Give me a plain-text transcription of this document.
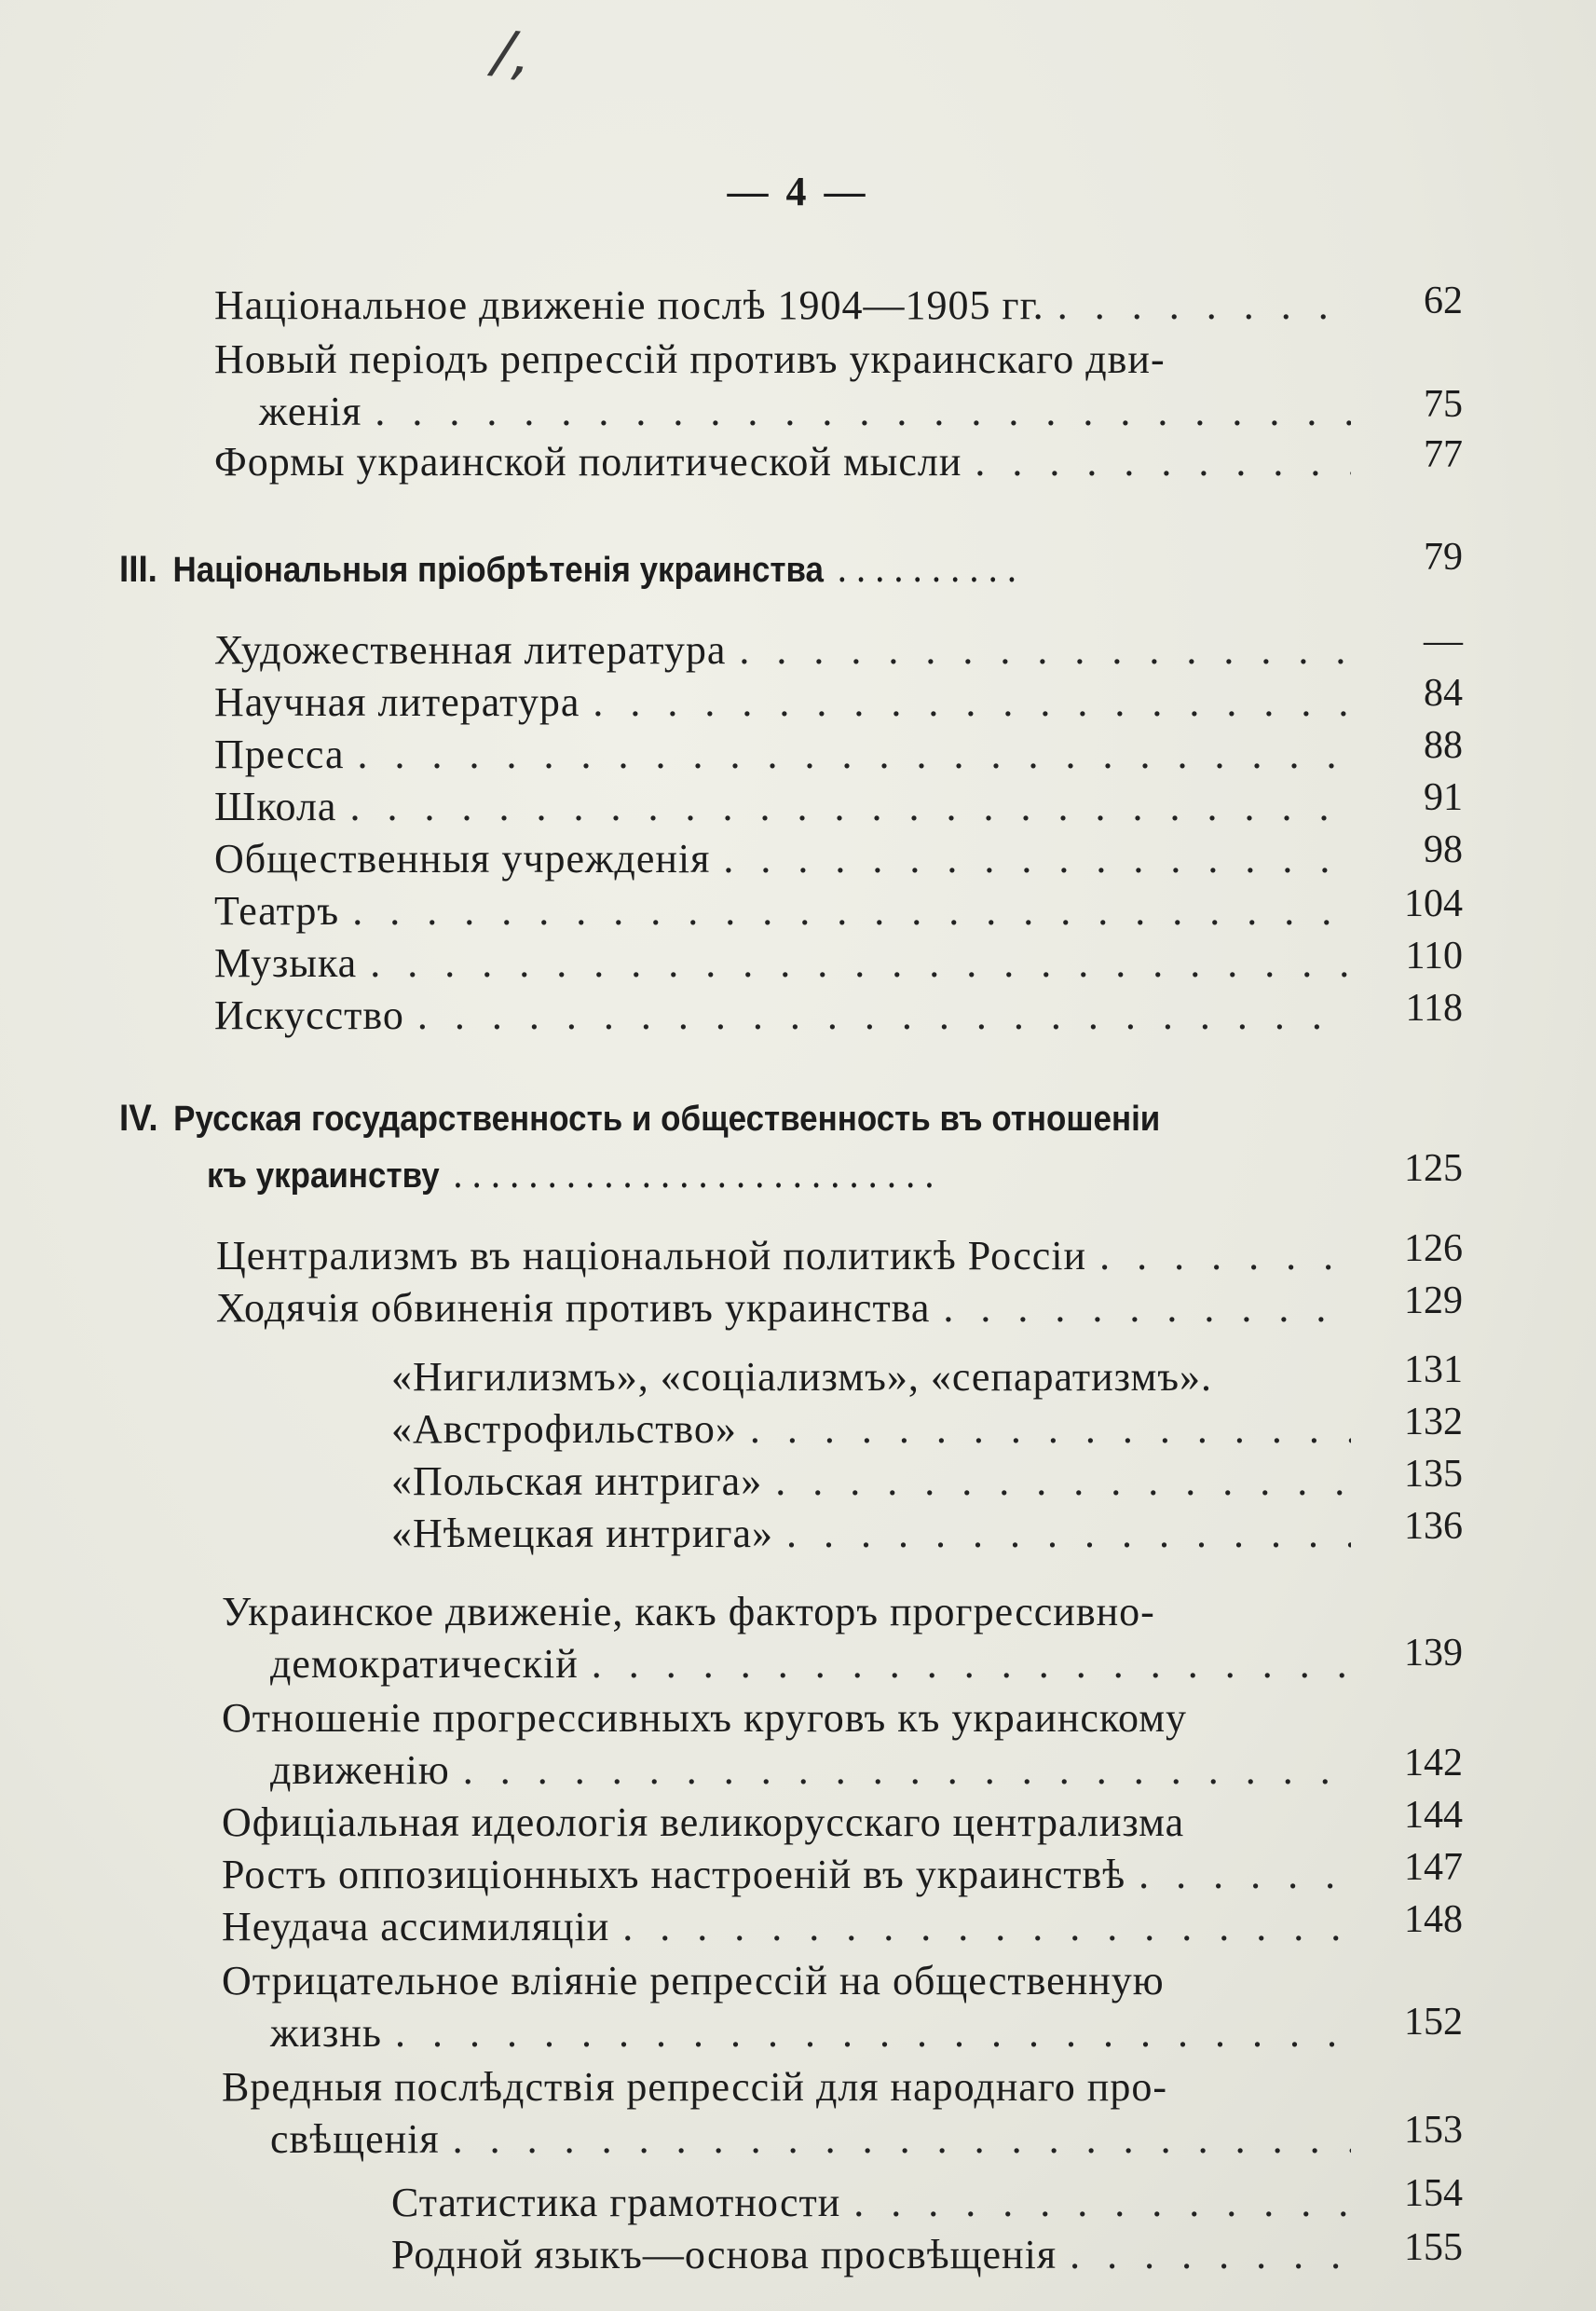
/,
— 4 —
Національное движеніе послѣ 1904—1905 гг. . . .	62
Новый періодъ репрессій противъ украинскаго дви-
женія . . .	75
Формы украинской политической мысли . . .	77
III. Національныя пріобрѣтенія украинства . . . . . . . . . .	79
Художественная литература . . .	—
Научная литература . . .	84
Пресса . . .	88
Школа . . .	91
Общественныя учрежденія . . .	98
Театръ . . .	104
Музыка . . .	110
Искусство . . .	118
IV. Русская государственность и общественность въ отношеніи
къ украинству . . . . . . . . . . . . . . . . . . . . . . . . . .	125
Централизмъ въ національной политикѣ Россіи . . .	126
Ходячія обвиненія противъ украинства . . .	129
«Нигилизмъ», «соціализмъ», «сепаратизмъ».	131
«Австрофильство» . . .	132
«Польская интрига» . . .	135
«Нѣмецкая интрига» . . .	136
Украинское движеніе, какъ факторъ прогрессивно-
демократическій . . .	139
Отношеніе прогрессивныхъ круговъ къ украинскому
движенію . . .	142
Офиціальная идеологія великорусскаго централизма	144
Ростъ оппозиціонныхъ настроеній въ украинствѣ . . .	147
Неудача ассимиляціи . . .	148
Отрицательное вліяніе репрессій на общественную
жизнь . . .	152
Вредныя послѣдствія репрессій для народнаго про-
свѣщенія . . .	153
Статистика грамотности . . .	154
Родной языкъ—основа просвѣщенія . . .	155
